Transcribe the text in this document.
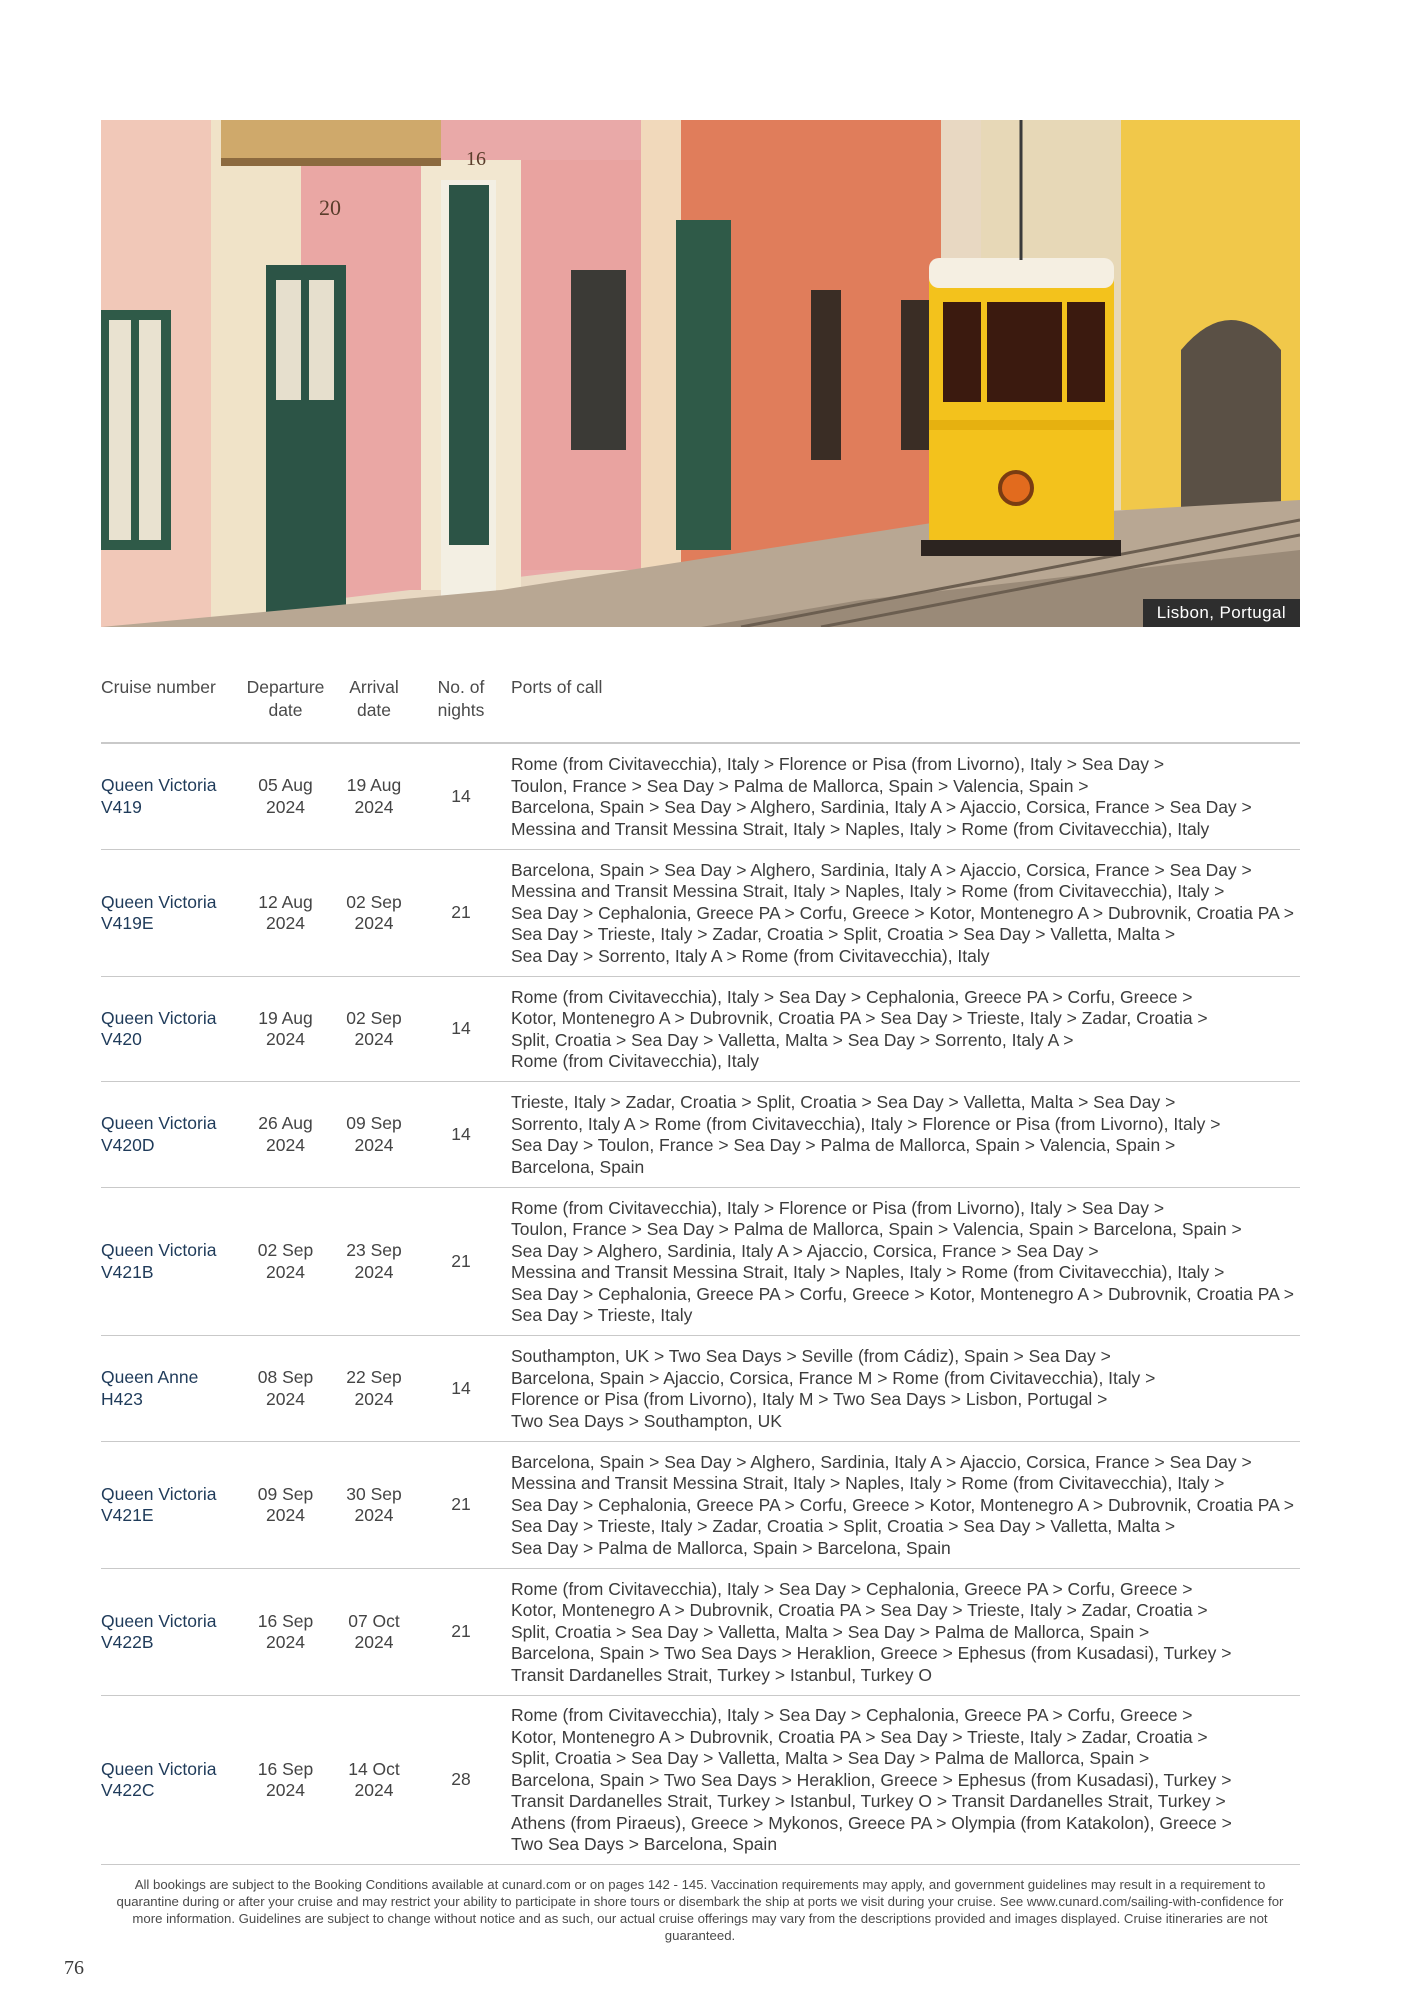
20
16
Lisbon, Portugal
Cruise number	Departure
date
Arrival
date
No. of
nights
Ports of call
Queen Victoria
V419
05 Aug
2024
19 Aug
2024
14
Rome (from Civitavecchia), Italy > Florence or Pisa (from Livorno), Italy > Sea Day >
Toulon, France > Sea Day > Palma de Mallorca, Spain > Valencia, Spain >
Barcelona, Spain > Sea Day > Alghero, Sardinia, Italy A > Ajaccio, Corsica, France > Sea Day >
Messina and Transit Messina Strait, Italy > Naples, Italy > Rome (from Civitavecchia), Italy
Queen Victoria
V419E
12 Aug
2024
02 Sep
2024
21
Barcelona, Spain > Sea Day > Alghero, Sardinia, Italy A > Ajaccio, Corsica, France > Sea Day >
Messina and Transit Messina Strait, Italy > Naples, Italy > Rome (from Civitavecchia), Italy >
Sea Day > Cephalonia, Greece PA > Corfu, Greece > Kotor, Montenegro A > Dubrovnik, Croatia PA >
Sea Day > Trieste, Italy > Zadar, Croatia > Split, Croatia > Sea Day > Valletta, Malta >
Sea Day > Sorrento, Italy A > Rome (from Civitavecchia), Italy
Queen Victoria
V420
19 Aug
2024
02 Sep
2024
14
Rome (from Civitavecchia), Italy > Sea Day > Cephalonia, Greece PA > Corfu, Greece >
Kotor, Montenegro A > Dubrovnik, Croatia PA > Sea Day > Trieste, Italy > Zadar, Croatia >
Split, Croatia > Sea Day > Valletta, Malta > Sea Day > Sorrento, Italy A >
Rome (from Civitavecchia), Italy
Queen Victoria
V420D
26 Aug
2024
09 Sep
2024
14
Trieste, Italy > Zadar, Croatia > Split, Croatia > Sea Day > Valletta, Malta > Sea Day >
Sorrento, Italy A > Rome (from Civitavecchia), Italy > Florence or Pisa (from Livorno), Italy >
Sea Day > Toulon, France > Sea Day > Palma de Mallorca, Spain > Valencia, Spain >
Barcelona, Spain
Queen Victoria
V421B
02 Sep
2024
23 Sep
2024
21
Rome (from Civitavecchia), Italy > Florence or Pisa (from Livorno), Italy > Sea Day >
Toulon, France > Sea Day > Palma de Mallorca, Spain > Valencia, Spain > Barcelona, Spain >
Sea Day > Alghero, Sardinia, Italy A > Ajaccio, Corsica, France > Sea Day >
Messina and Transit Messina Strait, Italy > Naples, Italy > Rome (from Civitavecchia), Italy >
Sea Day > Cephalonia, Greece PA > Corfu, Greece > Kotor, Montenegro A > Dubrovnik, Croatia PA >
Sea Day > Trieste, Italy
Queen Anne
H423
08 Sep
2024
22 Sep
2024
14
Southampton, UK > Two Sea Days > Seville (from Cádiz), Spain > Sea Day >
Barcelona, Spain > Ajaccio, Corsica, France M > Rome (from Civitavecchia), Italy >
Florence or Pisa (from Livorno), Italy M > Two Sea Days > Lisbon, Portugal >
Two Sea Days > Southampton, UK
Queen Victoria
V421E
09 Sep
2024
30 Sep
2024
21
Barcelona, Spain > Sea Day > Alghero, Sardinia, Italy A > Ajaccio, Corsica, France > Sea Day >
Messina and Transit Messina Strait, Italy > Naples, Italy > Rome (from Civitavecchia), Italy >
Sea Day > Cephalonia, Greece PA > Corfu, Greece > Kotor, Montenegro A > Dubrovnik, Croatia PA >
Sea Day > Trieste, Italy > Zadar, Croatia > Split, Croatia > Sea Day > Valletta, Malta >
Sea Day > Palma de Mallorca, Spain > Barcelona, Spain
Queen Victoria
V422B
16 Sep
2024
07 Oct
2024
21
Rome (from Civitavecchia), Italy > Sea Day > Cephalonia, Greece PA > Corfu, Greece >
Kotor, Montenegro A > Dubrovnik, Croatia PA > Sea Day > Trieste, Italy > Zadar, Croatia >
Split, Croatia > Sea Day > Valletta, Malta > Sea Day > Palma de Mallorca, Spain >
Barcelona, Spain > Two Sea Days > Heraklion, Greece > Ephesus (from Kusadasi), Turkey >
Transit Dardanelles Strait, Turkey > Istanbul, Turkey O
Queen Victoria
V422C
16 Sep
2024
14 Oct
2024
28
Rome (from Civitavecchia), Italy > Sea Day > Cephalonia, Greece PA > Corfu, Greece >
Kotor, Montenegro A > Dubrovnik, Croatia PA > Sea Day > Trieste, Italy > Zadar, Croatia >
Split, Croatia > Sea Day > Valletta, Malta > Sea Day > Palma de Mallorca, Spain >
Barcelona, Spain > Two Sea Days > Heraklion, Greece > Ephesus (from Kusadasi), Turkey >
Transit Dardanelles Strait, Turkey > Istanbul, Turkey O > Transit Dardanelles Strait, Turkey >
Athens (from Piraeus), Greece > Mykonos, Greece PA > Olympia (from Katakolon), Greece >
Two Sea Days > Barcelona, Spain
All bookings are subject to the Booking Conditions available at cunard.com or on pages 142 - 145. Vaccination requirements may apply, and government guidelines may result in a requirement to quarantine during or after your cruise and may restrict your ability to participate in shore tours or disembark the ship at ports we visit during your cruise. See www.cunard.com/sailing-with-confidence for more information. Guidelines are subject to change without notice and as such, our actual cruise offerings may vary from the descriptions provided and images displayed. Cruise itineraries are not guaranteed.
76
